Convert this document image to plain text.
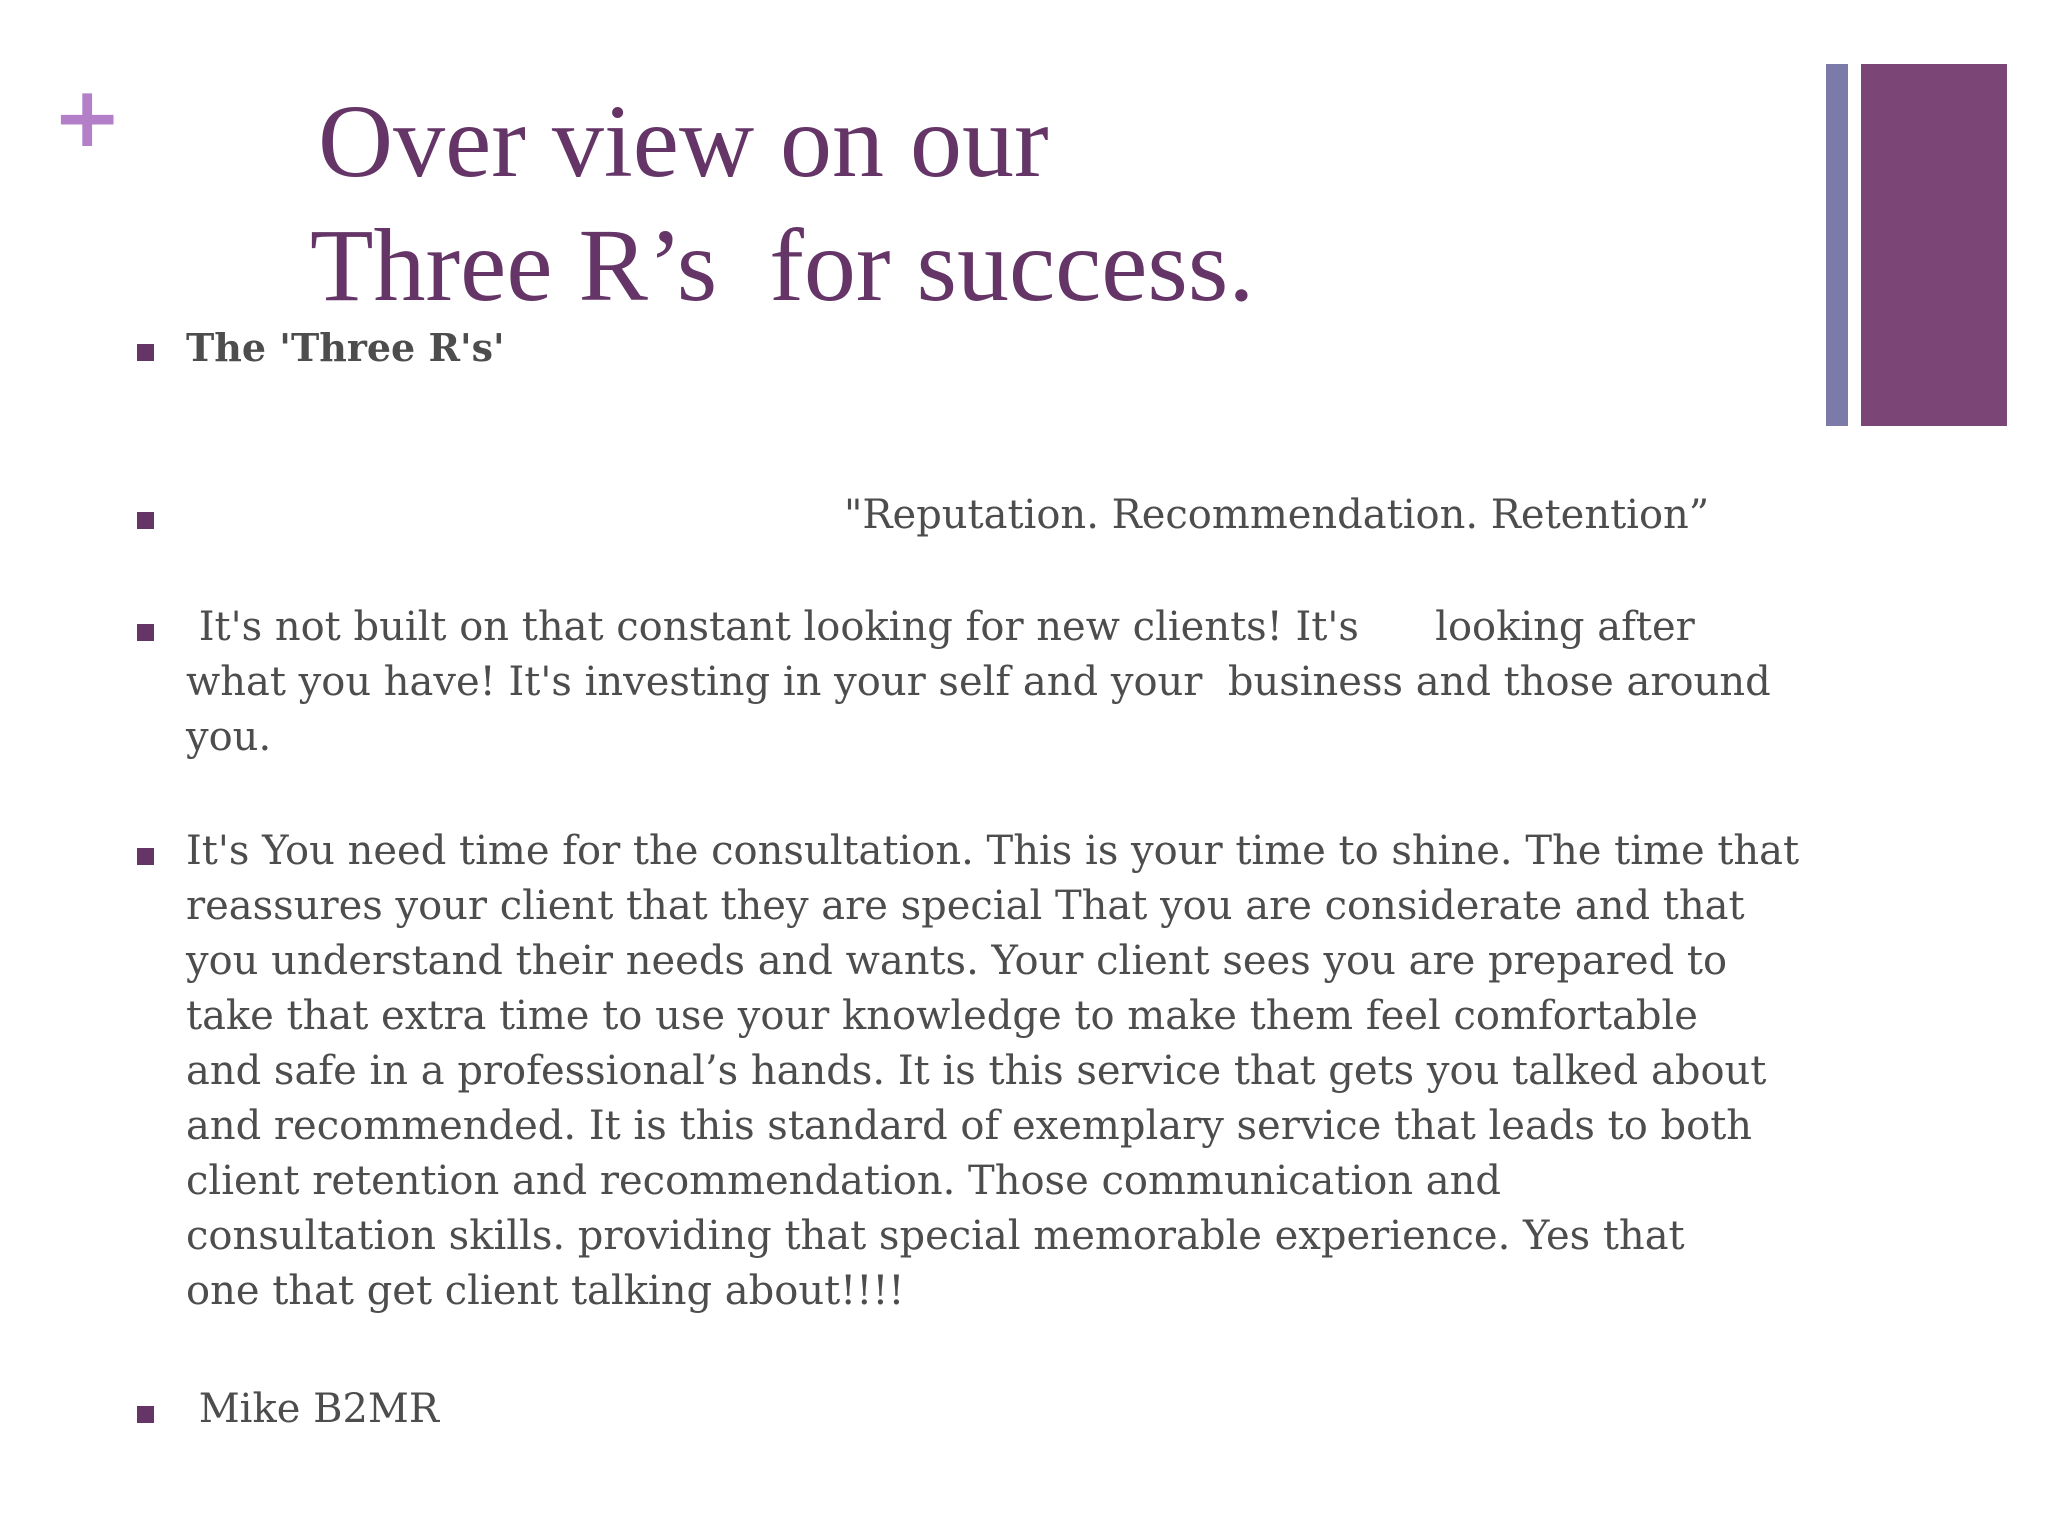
+ Over view on our
Three R’s  for success.
The 'Three R's'
"Reputation. Recommendation. Retention”
It's not built on that constant looking for new clients! It's      looking after
what you have! It's investing in your self and your  business and those around
you.
It's You need time for the consultation. This is your time to shine. The time that
reassures your client that they are special That you are considerate and that
you understand their needs and wants. Your client sees you are prepared to
take that extra time to use your knowledge to make them feel comfortable
and safe in a professional’s hands. It is this service that gets you talked about
and recommended. It is this standard of exemplary service that leads to both
client retention and recommendation. Those communication and
consultation skills. providing that special memorable experience. Yes that
one that get client talking about!!!!
Mike B2MR
